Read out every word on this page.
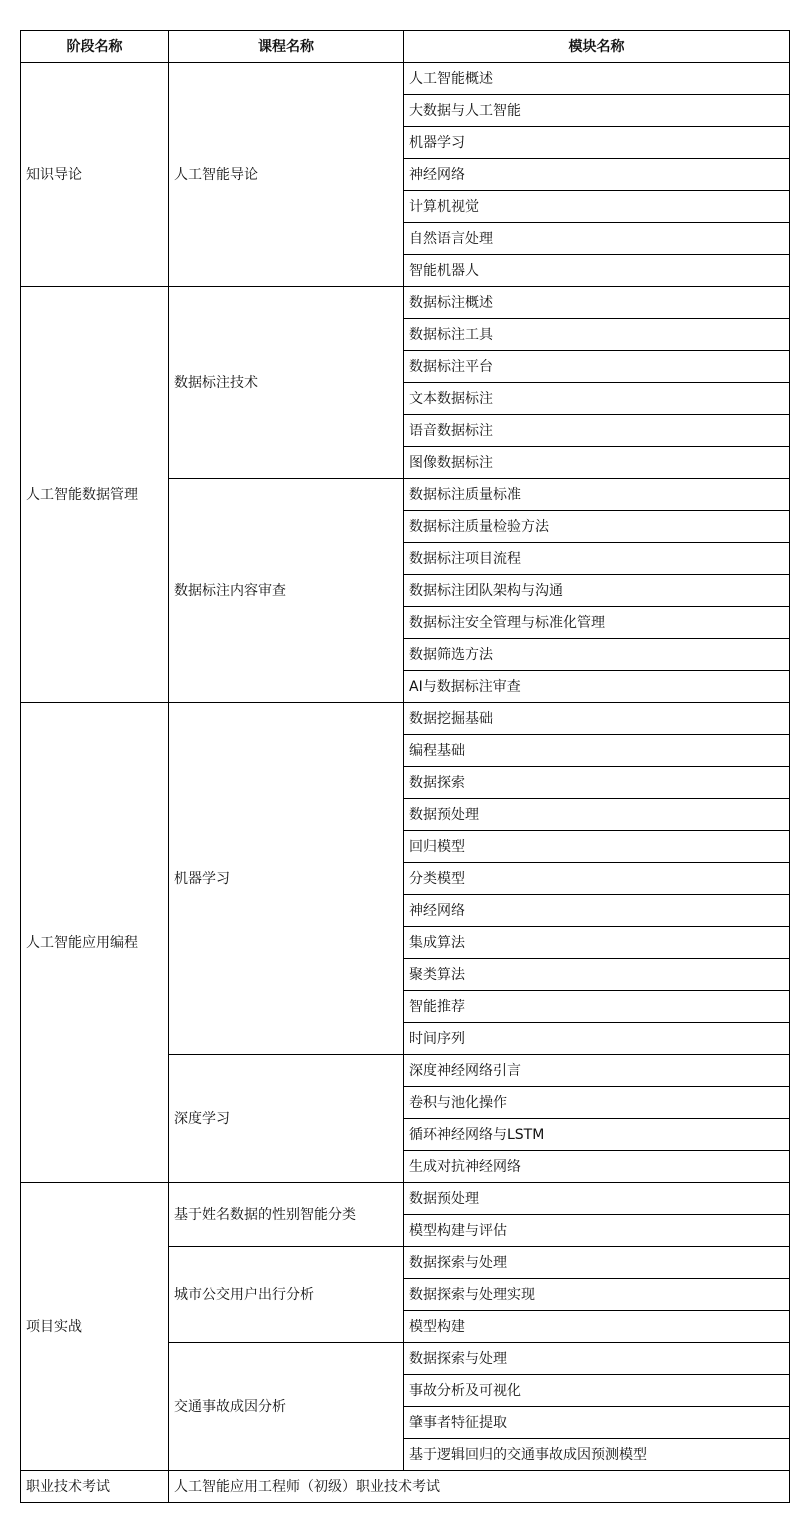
阶段名称	课程名称	模块名称
知识导论	人工智能导论	人工智能概述
		大数据与人工智能
		机器学习
		神经网络
		计算机视觉
		自然语言处理
		智能机器人
人工智能数据管理	数据标注技术	数据标注概述
		数据标注工具
		数据标注平台
		文本数据标注
		语音数据标注
		图像数据标注
	数据标注内容审查	数据标注质量标准
		数据标注质量检验方法
		数据标注项目流程
		数据标注团队架构与沟通
		数据标注安全管理与标准化管理
		数据筛选方法
		AI与数据标注审查
人工智能应用编程	机器学习	数据挖掘基础
		编程基础
		数据探索
		数据预处理
		回归模型
		分类模型
		神经网络
		集成算法
		聚类算法
		智能推荐
		时间序列
	深度学习	深度神经网络引言
		卷积与池化操作
		循环神经网络与LSTM
		生成对抗神经网络
项目实战	基于姓名数据的性别智能分类	数据预处理
		模型构建与评估
	城市公交用户出行分析	数据探索与处理
		数据探索与处理实现
		模型构建
	交通事故成因分析	数据探索与处理
		事故分析及可视化
		肇事者特征提取
		基于逻辑回归的交通事故成因预测模型
职业技术考试	人工智能应用工程师（初级）职业技术考试	
